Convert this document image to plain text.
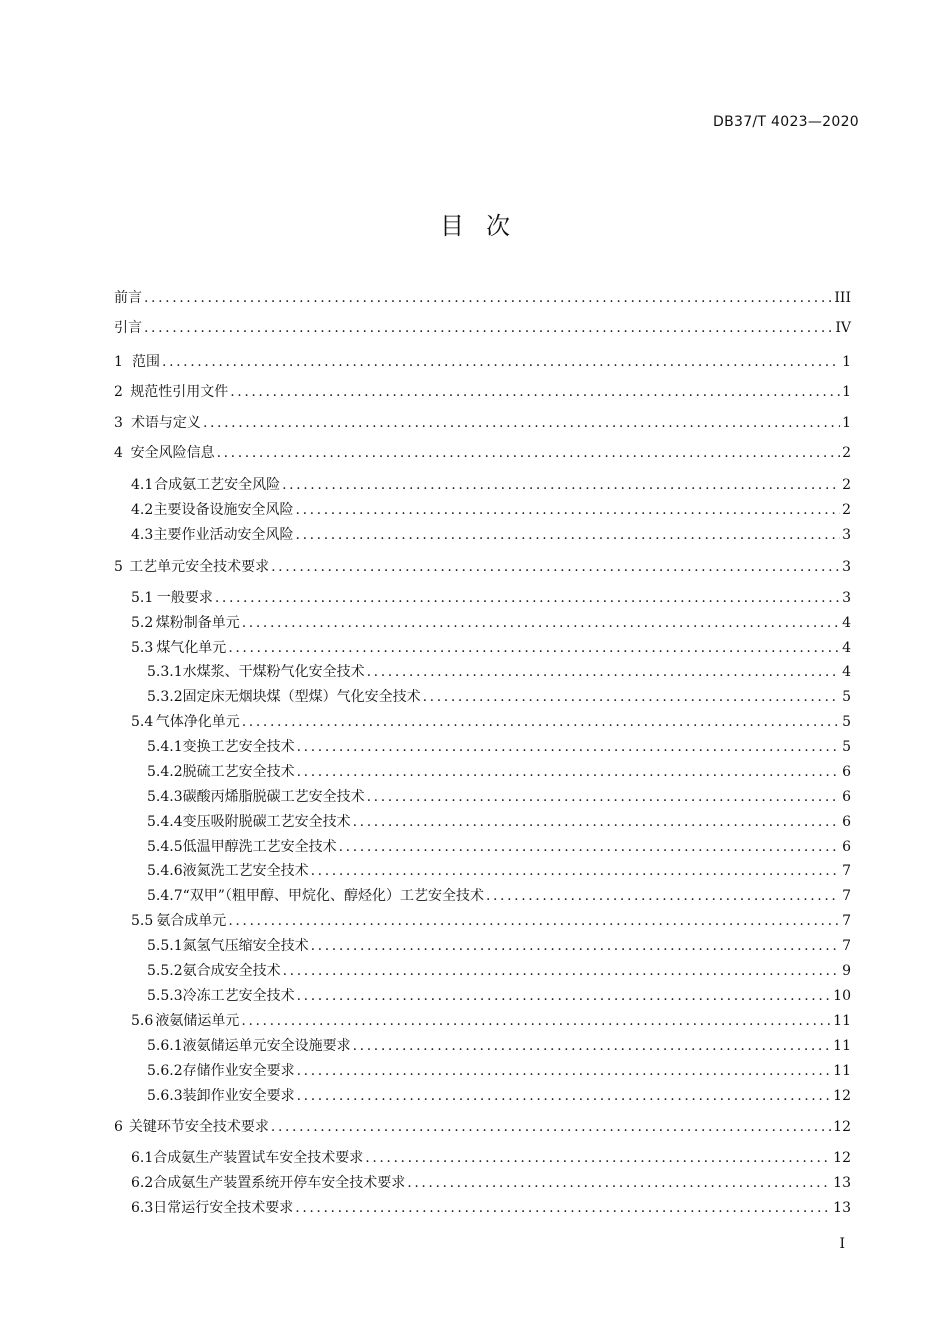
DB37/T 4023—2020
目次
前言 .....	III
引言 .....	IV
1 范围 .....	1
2 规范性引用文件 .....	1
3 术语与定义 .....	1
4 安全风险信息 .....	2
4.1 合成氨工艺安全风险 .....	2
4.2 主要设备设施安全风险 .....	2
4.3 主要作业活动安全风险 .....	3
5 工艺单元安全技术要求 .....	3
5.1 一般要求 .....	3
5.2 煤粉制备单元 .....	4
5.3 煤气化单元 .....	4
5.3.1 水煤浆、干煤粉气化安全技术 .....	4
5.3.2 固定床无烟块煤（型煤）气化安全技术 .....	5
5.4 气体净化单元 .....	5
5.4.1 变换工艺安全技术 .....	5
5.4.2 脱硫工艺安全技术 .....	6
5.4.3 碳酸丙烯脂脱碳工艺安全技术 .....	6
5.4.4 变压吸附脱碳工艺安全技术 .....	6
5.4.5 低温甲醇洗工艺安全技术 .....	6
5.4.6 液氮洗工艺安全技术 .....	7
5.4.7 “双甲”（粗甲醇、甲烷化、醇烃化）工艺安全技术 .....	7
5.5 氨合成单元 .....	7
5.5.1 氮氢气压缩安全技术 .....	7
5.5.2 氨合成安全技术 .....	9
5.5.3 冷冻工艺安全技术 .....	10
5.6 液氨储运单元 .....	11
5.6.1 液氨储运单元安全设施要求 .....	11
5.6.2 存储作业安全要求 .....	11
5.6.3 装卸作业安全要求 .....	12
6 关键环节安全技术要求 .....	12
6.1 合成氨生产装置试车安全技术要求 .....	12
6.2 合成氨生产装置系统开停车安全技术要求 .....	13
6.3 日常运行安全技术要求 .....	13
I
